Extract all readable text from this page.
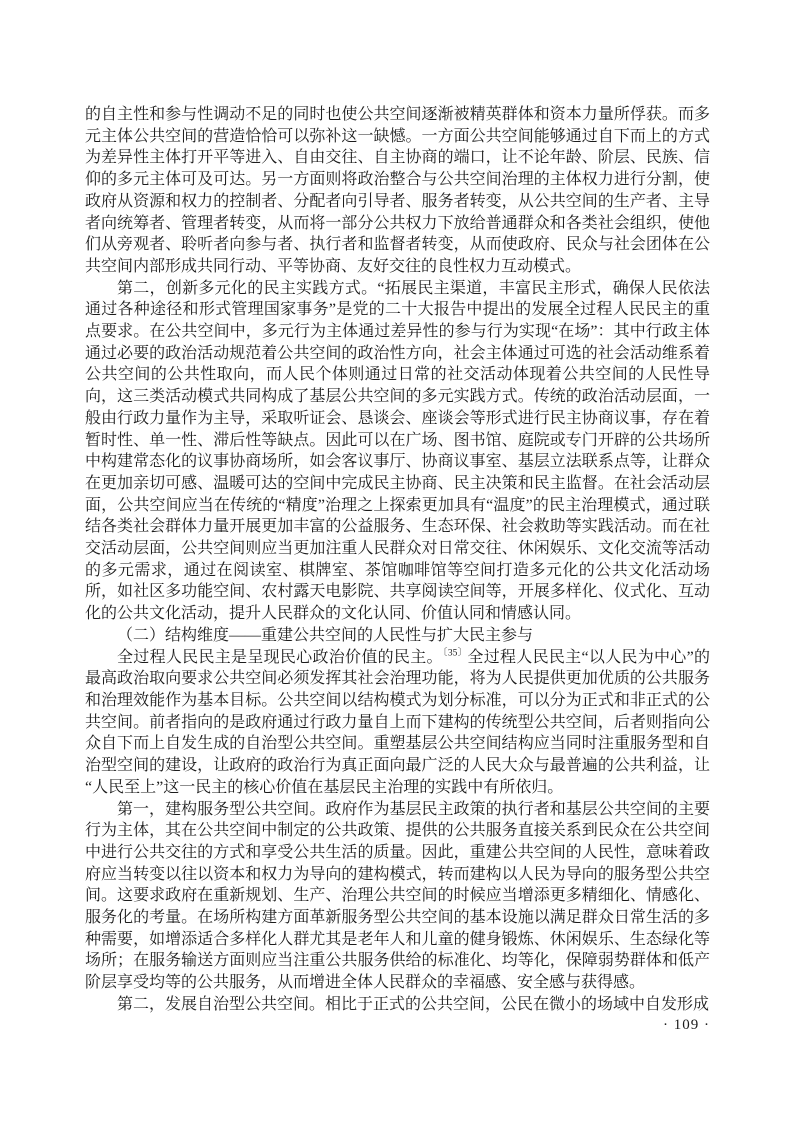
的自主性和参与性调动不足的同时也使公共空间逐渐被精英群体和资本力量所俘获。而多元主体公共空间的营造恰恰可以弥补这一缺憾。一方面公共空间能够通过自下而上的方式为差异性主体打开平等进入、自由交往、自主协商的端口，让不论年龄、阶层、民族、信仰的多元主体可及可达。另一方面则将政治整合与公共空间治理的主体权力进行分割，使政府从资源和权力的控制者、分配者向引导者、服务者转变，从公共空间的生产者、主导者向统筹者、管理者转变，从而将一部分公共权力下放给普通群众和各类社会组织，使他们从旁观者、聆听者向参与者、执行者和监督者转变，从而使政府、民众与社会团体在公共空间内部形成共同行动、平等协商、友好交往的良性权力互动模式。

第二，创新多元化的民主实践方式。“拓展民主渠道，丰富民主形式，确保人民依法通过各种途径和形式管理国家事务”是党的二十大报告中提出的发展全过程人民民主的重点要求。在公共空间中，多元行为主体通过差异性的参与行为实现“在场”：其中行政主体通过必要的政治活动规范着公共空间的政治性方向，社会主体通过可选的社会活动维系着公共空间的公共性取向，而人民个体则通过日常的社交活动体现着公共空间的人民性导向，这三类活动模式共同构成了基层公共空间的多元实践方式。传统的政治活动层面，一般由行政力量作为主导，采取听证会、恳谈会、座谈会等形式进行民主协商议事，存在着暂时性、单一性、滞后性等缺点。因此可以在广场、图书馆、庭院或专门开辟的公共场所中构建常态化的议事协商场所，如会客议事厅、协商议事室、基层立法联系点等，让群众在更加亲切可感、温暖可达的空间中完成民主协商、民主决策和民主监督。在社会活动层面，公共空间应当在传统的“精度”治理之上探索更加具有“温度”的民主治理模式，通过联结各类社会群体力量开展更加丰富的公益服务、生态环保、社会救助等实践活动。而在社交活动层面，公共空间则应当更加注重人民群众对日常交往、休闲娱乐、文化交流等活动的多元需求，通过在阅读室、棋牌室、茶馆咖啡馆等空间打造多元化的公共文化活动场所，如社区多功能空间、农村露天电影院、共享阅读空间等，开展多样化、仪式化、互动化的公共文化活动，提升人民群众的文化认同、价值认同和情感认同。

（二）结构维度——重建公共空间的人民性与扩大民主参与

全过程人民民主是呈现民心政治价值的民主。$^{〔35〕}$全过程人民民主“以人民为中心”的最高政治取向要求公共空间必须发挥其社会治理功能，将为人民提供更加优质的公共服务和治理效能作为基本目标。公共空间以结构模式为划分标准，可以分为正式和非正式的公共空间。前者指向的是政府通过行政力量自上而下建构的传统型公共空间，后者则指向公众自下而上自发生成的自治型公共空间。重塑基层公共空间结构应当同时注重服务型和自治型空间的建设，让政府的政治行为真正面向最广泛的人民大众与最普遍的公共利益，让“人民至上”这一民主的核心价值在基层民主治理的实践中有所依归。

第一，建构服务型公共空间。政府作为基层民主政策的执行者和基层公共空间的主要行为主体，其在公共空间中制定的公共政策、提供的公共服务直接关系到民众在公共空间中进行公共交往的方式和享受公共生活的质量。因此，重建公共空间的人民性，意味着政府应当转变以往以资本和权力为导向的建构模式，转而建构以人民为导向的服务型公共空间。这要求政府在重新规划、生产、治理公共空间的时候应当增添更多精细化、情感化、服务化的考量。在场所构建方面革新服务型公共空间的基本设施以满足群众日常生活的多种需要，如增添适合多样化人群尤其是老年人和儿童的健身锻炼、休闲娱乐、生态绿化等场所；在服务输送方面则应当注重公共服务供给的标准化、均等化，保障弱势群体和低产阶层享受均等的公共服务，从而增进全体人民群众的幸福感、安全感与获得感。

第二，发展自治型公共空间。相比于正式的公共空间，公民在微小的场域中自发形成

· 109 ·
